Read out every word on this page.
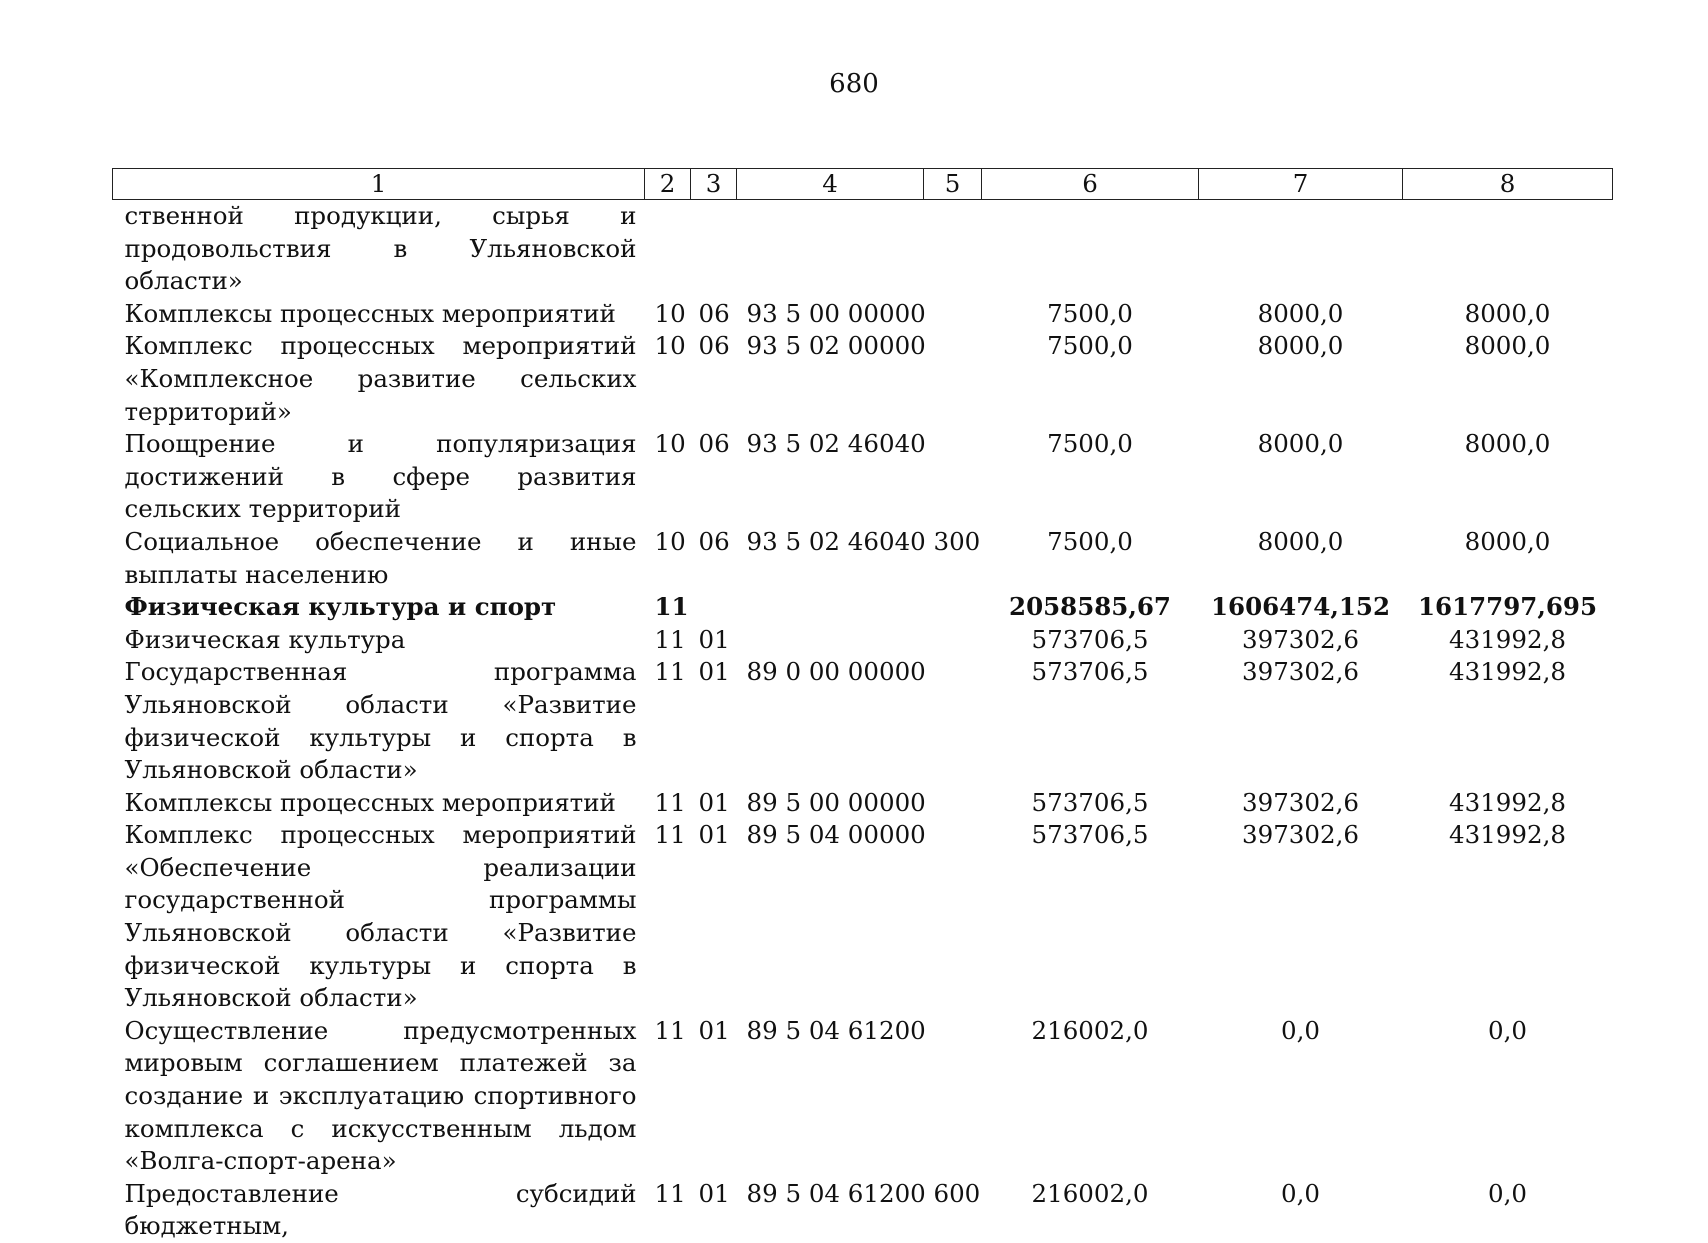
680
1	2	3	4	5	6	7	8
ственной продукции, сырья и продовольствия в Ульяновской области»							
Комплексы процессных мероприятий	10	06	93 5 00 00000		7500,0	8000,0	8000,0
Комплекс процессных мероприятий «Комплексное развитие сельских территорий»	10	06	93 5 02 00000		7500,0	8000,0	8000,0
Поощрение и популяризация достижений в сфере развития сельских территорий	10	06	93 5 02 46040		7500,0	8000,0	8000,0
Социальное обеспечение и иные выплаты населению	10	06	93 5 02 46040	300	7500,0	8000,0	8000,0
Физическая культура и спорт	11				2058585,67	1606474,152	1617797,695
Физическая культура	11	01			573706,5	397302,6	431992,8
Государственная программа Ульяновской области «Развитие физической культуры и спорта в Ульяновской области»	11	01	89 0 00 00000		573706,5	397302,6	431992,8
Комплексы процессных мероприятий	11	01	89 5 00 00000		573706,5	397302,6	431992,8
Комплекс процессных мероприятий «Обеспечение реализации государственной программы Ульяновской области «Развитие физической культуры и спорта в Ульяновской области»	11	01	89 5 04 00000		573706,5	397302,6	431992,8
Осуществление предусмотренных мировым соглашением платежей за создание и эксплуатацию спортивного комплекса с искусственным льдом «Волга-спорт-арена»	11	01	89 5 04 61200		216002,0	0,0	0,0
Предоставление субсидий бюджетным,	11	01	89 5 04 61200	600	216002,0	0,0	0,0
